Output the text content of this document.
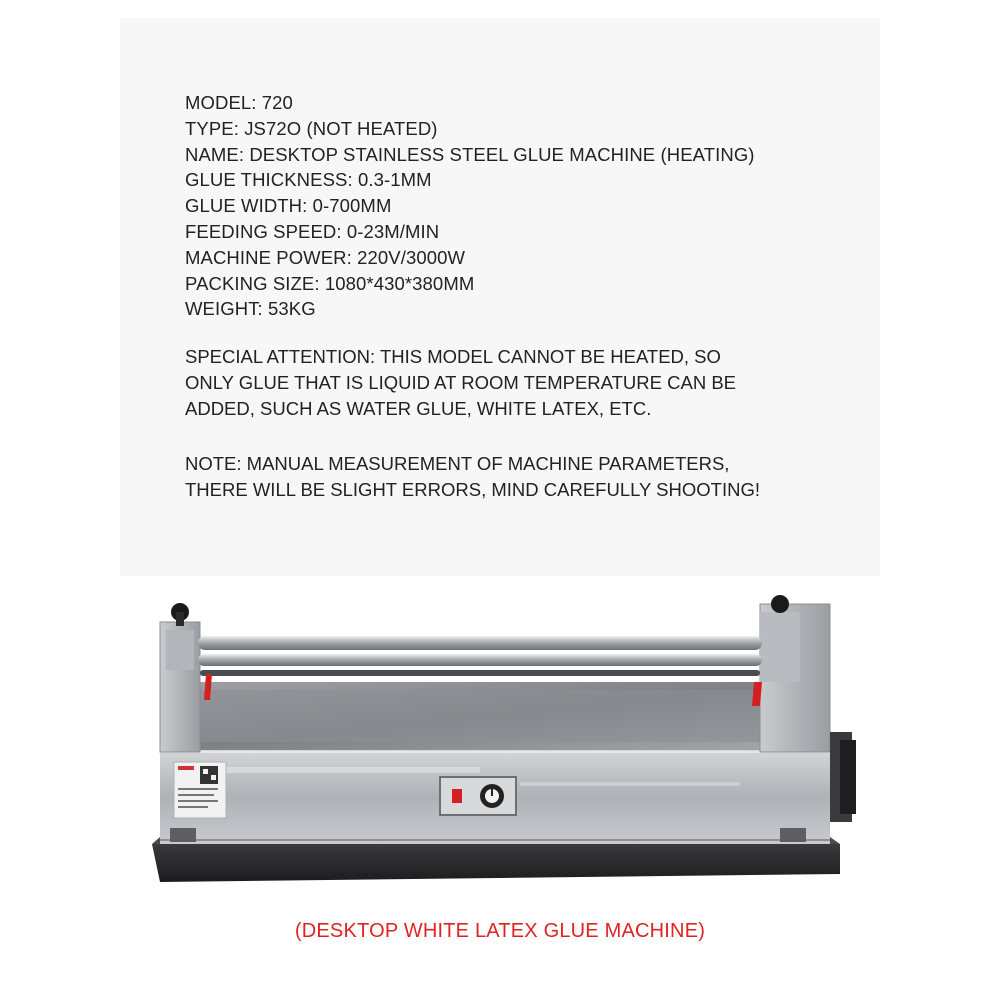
MODEL: 720
TYPE: JS72O (NOT HEATED)
NAME: DESKTOP STAINLESS STEEL GLUE MACHINE (HEATING)
GLUE THICKNESS: 0.3-1MM
GLUE WIDTH: 0-700MM
FEEDING SPEED: 0-23M/MIN
MACHINE POWER: 220V/3000W
PACKING SIZE: 1080*430*380MM
WEIGHT: 53KG
SPECIAL ATTENTION: THIS MODEL CANNOT BE HEATED, SO
ONLY GLUE THAT IS LIQUID AT ROOM TEMPERATURE CAN BE
ADDED, SUCH AS WATER GLUE, WHITE LATEX, ETC.
NOTE: MANUAL MEASUREMENT OF MACHINE PARAMETERS,
THERE WILL BE SLIGHT ERRORS, MIND CAREFULLY SHOOTING!
(DESKTOP WHITE LATEX GLUE MACHINE)
